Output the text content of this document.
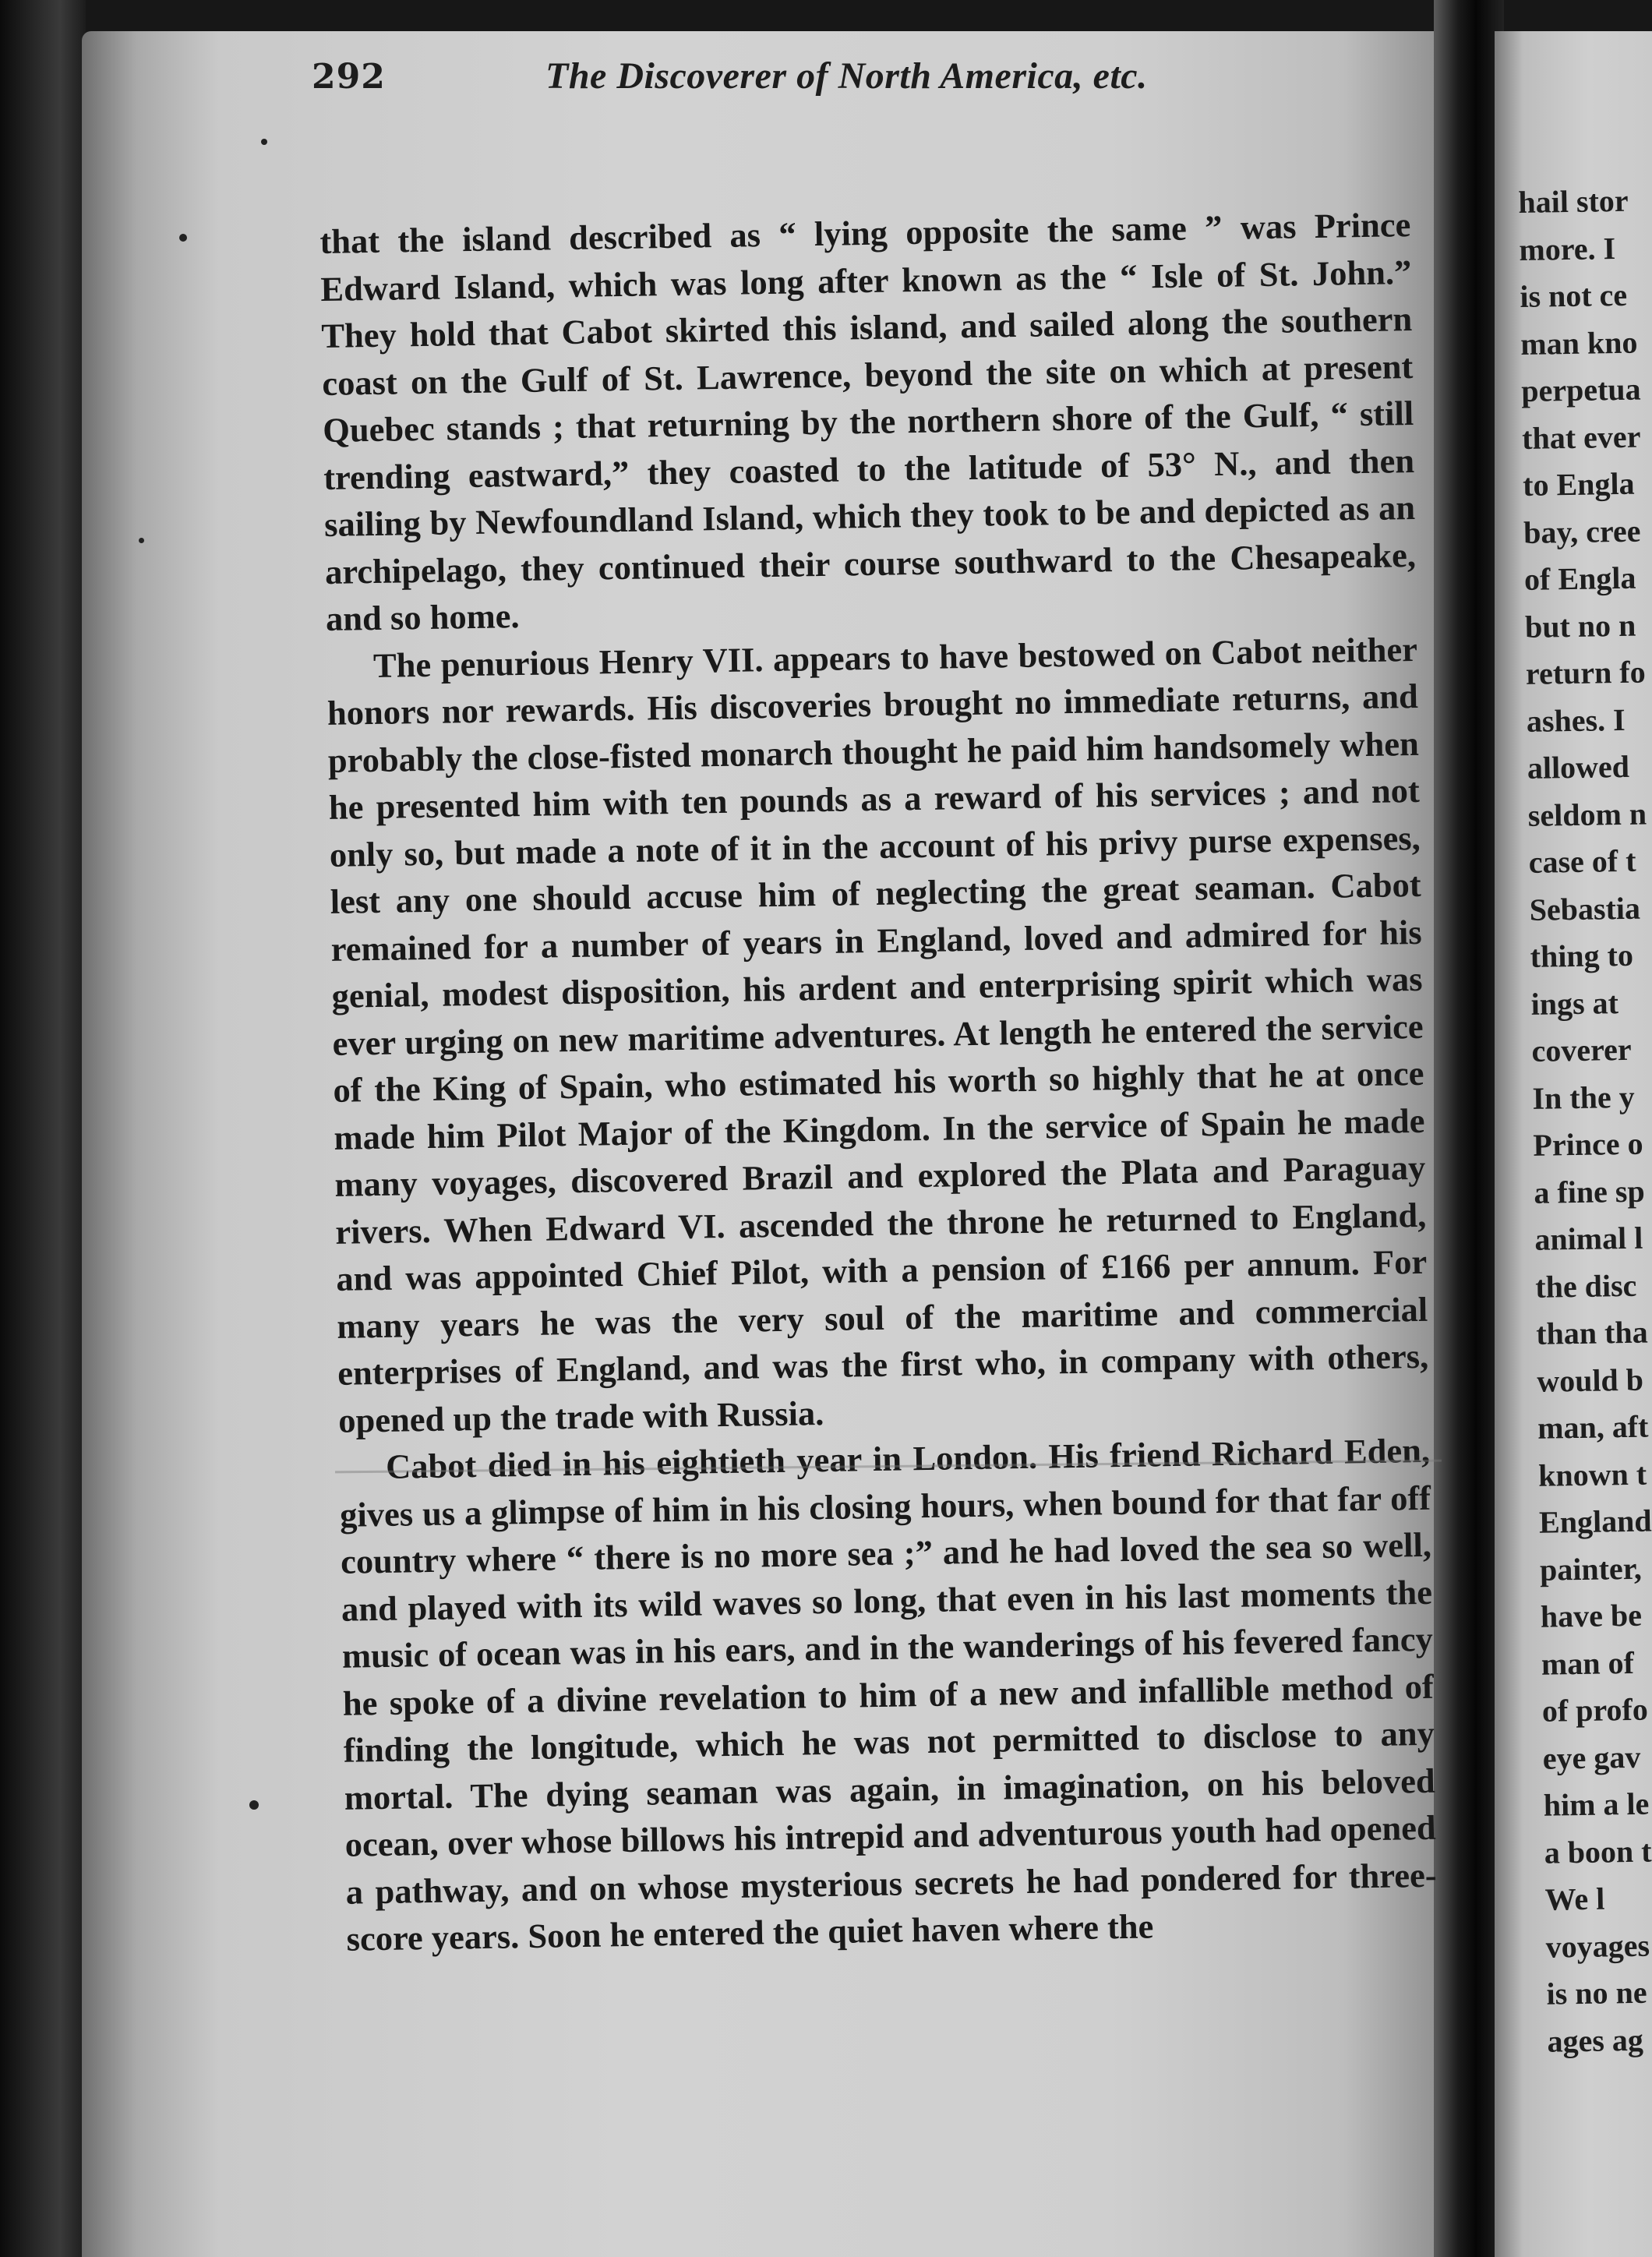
292	The Discoverer of North America, etc.

that the island described as “ lying opposite the same ” was Prince Edward Island, which was long after known as the “ Isle of St. John.” They hold that Cabot skirted this island, and sailed along the southern coast on the Gulf of St. Lawrence, beyond the site on which at present Quebec stands ; that returning by the northern shore of the Gulf, “ still trending eastward,” they coasted to the latitude of 53° N., and then sailing by Newfoundland Island, which they took to be and depicted as an archipelago, they continued their course southward to the Chesapeake, and so home.

The penurious Henry VII. appears to have bestowed on Cabot neither honors nor rewards. His discoveries brought no immediate returns, and probably the close-fisted monarch thought he paid him handsomely when he presented him with ten pounds as a reward of his services ; and not only so, but made a note of it in the account of his privy purse expenses, lest any one should accuse him of neglecting the great seaman. Cabot remained for a number of years in England, loved and admired for his genial, modest disposition, his ardent and enterprising spirit which was ever urging on new maritime adventures. At length he entered the service of the King of Spain, who estimated his worth so highly that he at once made him Pilot Major of the Kingdom. In the service of Spain he made many voyages, discovered Brazil and explored the Plata and Paraguay rivers. When Edward VI. ascended the throne he returned to England, and was appointed Chief Pilot, with a pension of £166 per annum. For many years he was the very soul of the maritime and commercial enterprises of England, and was the first who, in company with others, opened up the trade with Russia.

Cabot died in his eightieth year in London. His friend Richard Eden, gives us a glimpse of him in his closing hours, when bound for that far off country where “ there is no more sea ;” and he had loved the sea so well, and played with its wild waves so long, that even in his last moments the music of ocean was in his ears, and in the wanderings of his fevered fancy he spoke of a divine revelation to him of a new and infallible method of finding the longitude, which he was not permitted to disclose to any mortal. The dying seaman was again, in imagination, on his beloved ocean, over whose billows his intrepid and adventurous youth had opened a pathway, and on whose mysterious secrets he had pondered for three-score years. Soon he entered the quiet haven where the

hail stor
more. I
is not ce
man kno
perpetua
that ever
to Engla
bay, cree
of Engla
but no n
return fo
ashes. I
allowed
seldom n
case of t
Sebastia
thing to
ings at
coverer
In the y
Prince o
a fine sp
animal l
the disc
than tha
would b
man, aft
known t
England
painter,
have be
man of
of profo
eye gav
him a le
a boon t
We l
voyages
is no ne
ages ag
